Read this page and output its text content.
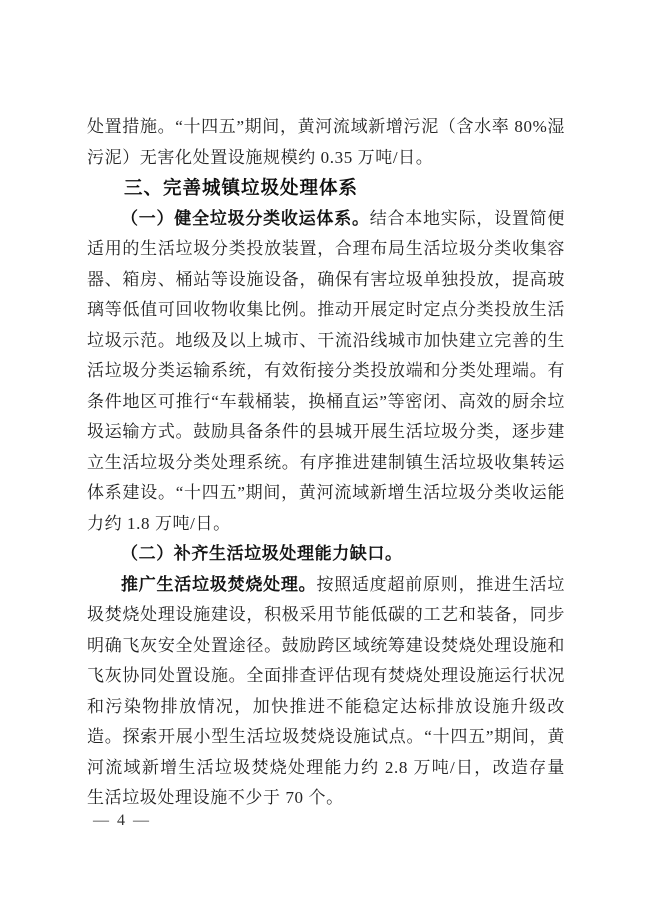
处置措施。“十四五”期间，黄河流域新增污泥（含水率 80%湿污泥）无害化处置设施规模约 0.35 万吨/日。

三、完善城镇垃圾处理体系

（一）健全垃圾分类收运体系。结合本地实际，设置简便适用的生活垃圾分类投放装置，合理布局生活垃圾分类收集容器、箱房、桶站等设施设备，确保有害垃圾单独投放，提高玻璃等低值可回收物收集比例。推动开展定时定点分类投放生活垃圾示范。地级及以上城市、干流沿线城市加快建立完善的生活垃圾分类运输系统，有效衔接分类投放端和分类处理端。有条件地区可推行“车载桶装，换桶直运”等密闭、高效的厨余垃圾运输方式。鼓励具备条件的县城开展生活垃圾分类，逐步建立生活垃圾分类处理系统。有序推进建制镇生活垃圾收集转运体系建设。“十四五”期间，黄河流域新增生活垃圾分类收运能力约 1.8 万吨/日。

（二）补齐生活垃圾处理能力缺口。

推广生活垃圾焚烧处理。按照适度超前原则，推进生活垃圾焚烧处理设施建设，积极采用节能低碳的工艺和装备，同步明确飞灰安全处置途径。鼓励跨区域统筹建设焚烧处理设施和飞灰协同处置设施。全面排查评估现有焚烧处理设施运行状况和污染物排放情况，加快推进不能稳定达标排放设施升级改造。探索开展小型生活垃圾焚烧设施试点。“十四五”期间，黄河流域新增生活垃圾焚烧处理能力约 2.8 万吨/日，改造存量生活垃圾处理设施不少于 70 个。

— 4 —
